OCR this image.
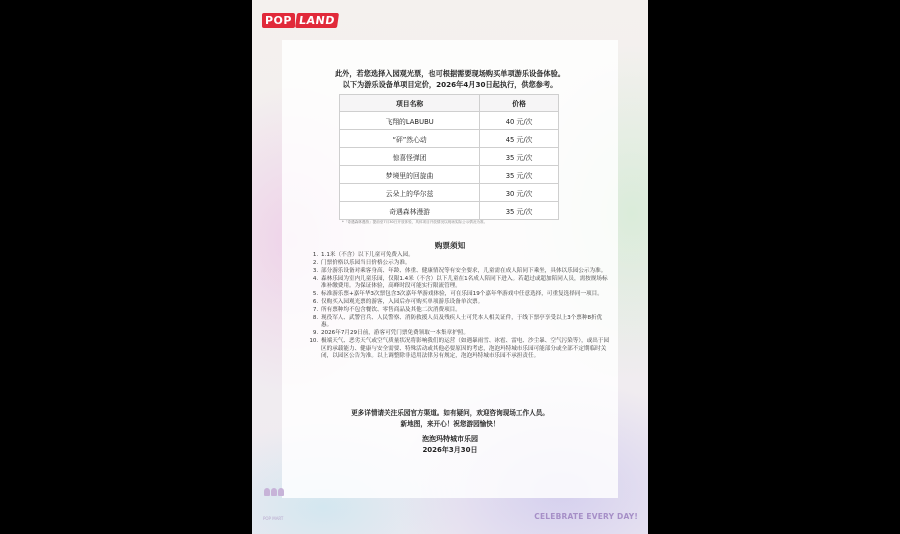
POP LAND
此外，若您选择入园观光票，也可根据需要现场购买单项游乐设备体验。
以下为游乐设备单项目定价，2026年4月30日起执行，供您参考。
项目名称	价格
飞翔的LABUBU	40 元/次
“砰”然心动	45 元/次
惊喜怪弹团	35 元/次
梦境里的回旋曲	35 元/次
云朵上的华尔兹	30 元/次
奇遇森林漫游	35 元/次
*「奇遇森林漫游」提前至7月30日开放体验，具体项目开放情况以现场实际公示情况为准。
购票须知
1. 1.1米（不含）以下儿童可免费入园。
2. 门票价格以乐园当日价格公示为准。
3. 部分游乐设备对乘客身高、年龄、体重、健康情况等有安全要求，儿童需在成人陪同下乘坐，具体以乐园公示为准。
4. 森林乐园为室内儿童乐园，仅限1.4米（不含）以下儿童在1名成人陪同下进入。若超过或超加陪同人员，需按规场标准补缴费用。为保证体验，高峰时段可能实行限流管理。
5. 标准游乐票+嘉年华3次票包含3次嘉年华游戏体验，可在乐园19个嘉年华游戏中任意选择，可重复选择同一项目。
6. 仅购买入园观光票的游客，入园后亦可购买单项游乐设备单次票。
7. 所有票种均不包含餐饮、零售商品及其他二次消费项目。
8. 现役军人、武警官兵、人民警察、消防救援人员及残疾人士可凭本人相关证件，于线下票亭享受以上3个票种8折优惠。
9. 2026年7月29日前，游客可凭门票免费领取一本集章护照。
10. 极端天气、恶劣天气或空气质量状况将影响我们的运营（如遇暴雨雪、冰雹、雷电、沙尘暴、空气污染等），或出于园区的承载能力、健康与安全需要、特殊活动或其他必要原因的考虑，泡泡玛特城市乐园可能部分或全部不定期临时关闭，以园区公告为准。以上调整除非适用法律另有规定，泡泡玛特城市乐园不承担责任。
更多详情请关注乐园官方渠道。如有疑问，欢迎咨询现场工作人员。
新地图，来开心！祝您游园愉快！
泡泡玛特城市乐园
2026年3月30日
POP MART	CELEBRATE EVERY DAY!
